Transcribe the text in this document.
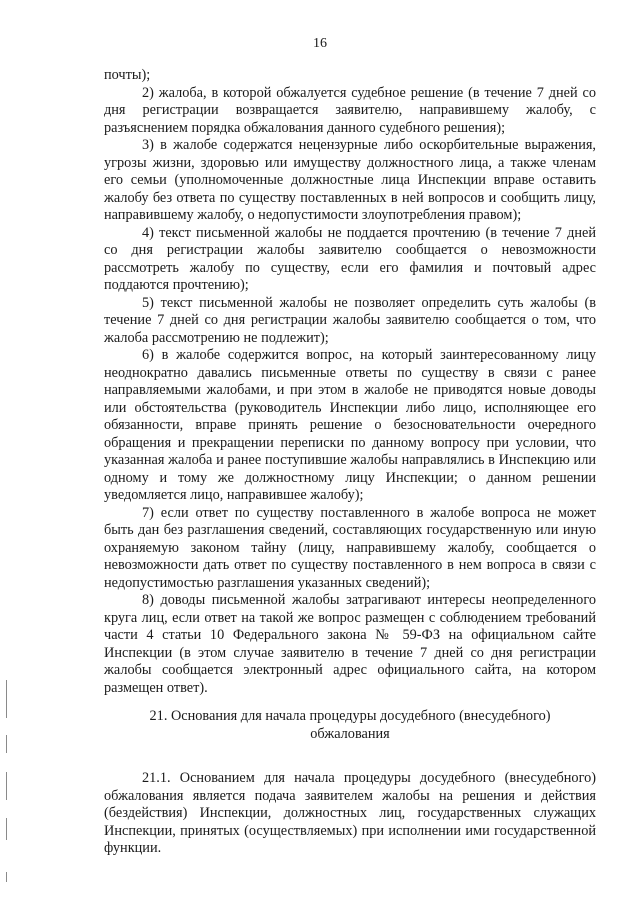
16

почты);

2) жалоба, в которой обжалуется судебное решение (в течение 7 дней со дня регистрации возвращается заявителю, направившему жалобу, с разъяснением порядка обжалования данного судебного решения);

3) в жалобе содержатся нецензурные либо оскорбительные выражения, угрозы жизни, здоровью или имуществу должностного лица, а также членам его семьи (уполномоченные должностные лица Инспекции вправе оставить жалобу без ответа по существу поставленных в ней вопросов и сообщить лицу, направившему жалобу, о недопустимости злоупотребления правом);

4) текст письменной жалобы не поддается прочтению (в течение 7 дней со дня регистрации жалобы заявителю сообщается о невозможности рассмотреть жалобу по существу, если его фамилия и почтовый адрес поддаются прочтению);

5) текст письменной жалобы не позволяет определить суть жалобы (в течение 7 дней со дня регистрации жалобы заявителю сообщается о том, что жалоба рассмотрению не подлежит);

6) в жалобе содержится вопрос, на который заинтересованному лицу неоднократно давались письменные ответы по существу в связи с ранее направляемыми жалобами, и при этом в жалобе не приводятся новые доводы или обстоятельства (руководитель Инспекции либо лицо, исполняющее его обязанности, вправе принять решение о безосновательности очередного обращения и прекращении переписки по данному вопросу при условии, что указанная жалоба и ранее поступившие жалобы направлялись в Инспекцию или одному и тому же должностному лицу Инспекции; о данном решении уведомляется лицо, направившее жалобу);

7) если ответ по существу поставленного в жалобе вопроса не может быть дан без разглашения сведений, составляющих государственную или иную охраняемую законом тайну (лицу, направившему жалобу, сообщается о невозможности дать ответ по существу поставленного в нем вопроса в связи с недопустимостью разглашения указанных сведений);

8) доводы письменной жалобы затрагивают интересы неопределенного круга лиц, если ответ на такой же вопрос размещен с соблюдением требований части 4 статьи 10 Федерального закона № 59-ФЗ на официальном сайте Инспекции (в этом случае заявителю в течение 7 дней со дня регистрации жалобы сообщается электронный адрес официального сайта, на котором размещен ответ).

21. Основания для начала процедуры досудебного (внесудебного)
обжалования

21.1. Основанием для начала процедуры досудебного (внесудебного) обжалования является подача заявителем жалобы на решения и действия (бездействия) Инспекции, должностных лиц, государственных служащих Инспекции, принятых (осуществляемых) при исполнении ими государственной функции.
